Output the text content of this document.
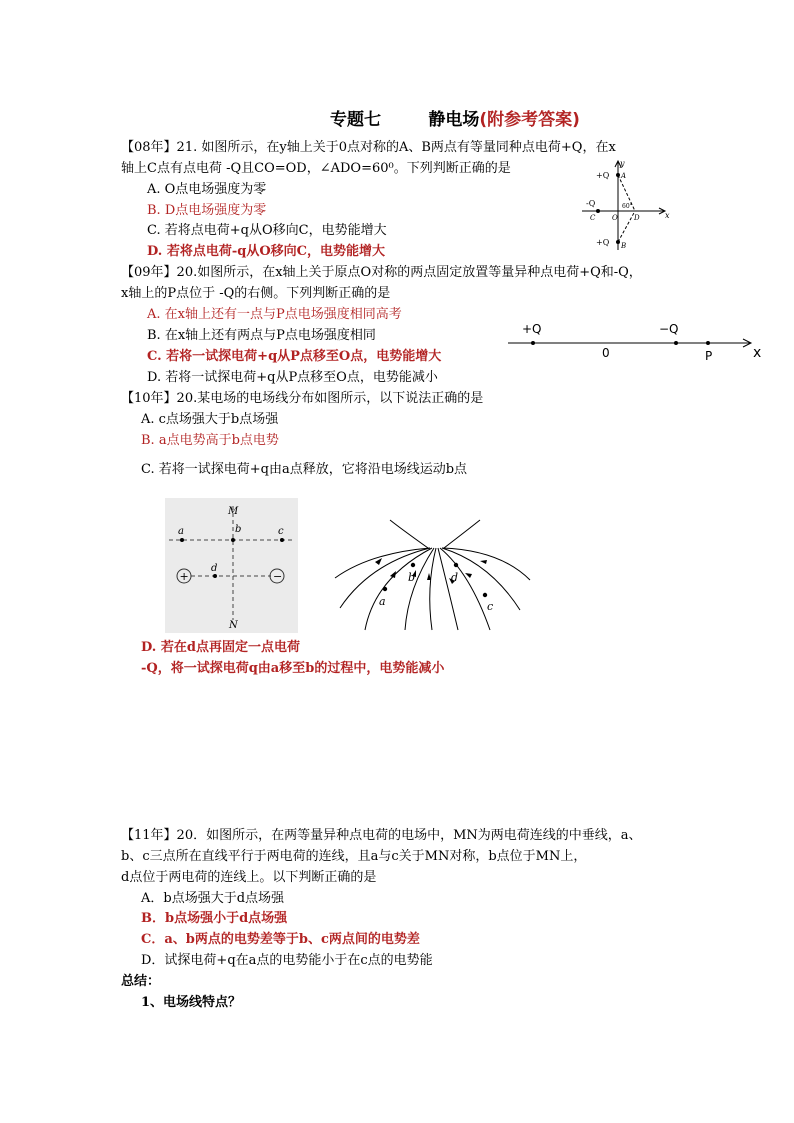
专题七        静电场(附参考答案)
【08年】21. 如图所示，在y轴上关于0点对称的A、B两点有等量同种点电荷+Q，在x
轴上C点有点电荷 -Q且CO=OD，∠ADO=60⁰。下列判断正确的是
A. O点电场强度为零
B. D点电场强度为零
C. 若将点电荷+q从O移向C，电势能增大
D. 若将点电荷-q从O移向C，电势能增大
y
x
+Q A
+Q B
-Q
C O D
60°
【09年】20.如图所示，在x轴上关于原点O对称的两点固定放置等量异种点电荷+Q和-Q，
x轴上的P点位于 -Q的右侧。下列判断正确的是
A. 在x轴上还有一点与P点电场强度相同高考
B. 在x轴上还有两点与P点电场强度相同
C. 若将一试探电荷+q从P点移至O点，电势能增大
D. 若将一试探电荷+q从P点移至O点，电势能减小
+Q	−Q
0	P	x
【10年】20.某电场的电场线分布如图所示，以下说法正确的是
A. c点场强大于b点场强
B. a点电势高于b点电势
C. 若将一试探电荷+q由a点释放，它将沿电场线运动b点
+	−
M
N
a	b	c
d
a
b	d
c
D. 若在d点再固定一点电荷
-Q，将一试探电荷q由a移至b的过程中，电势能减小
【11年】20．如图所示，在两等量异种点电荷的电场中，MN为两电荷连线的中垂线，a、
b、c三点所在直线平行于两电荷的连线，且a与c关于MN对称，b点位于MN上，
d点位于两电荷的连线上。以下判断正确的是
A．b点场强大于d点场强
B．b点场强小于d点场强
C．a、b两点的电势差等于b、c两点间的电势差
D．试探电荷+q在a点的电势能小于在c点的电势能
总结：
1、电场线特点？
